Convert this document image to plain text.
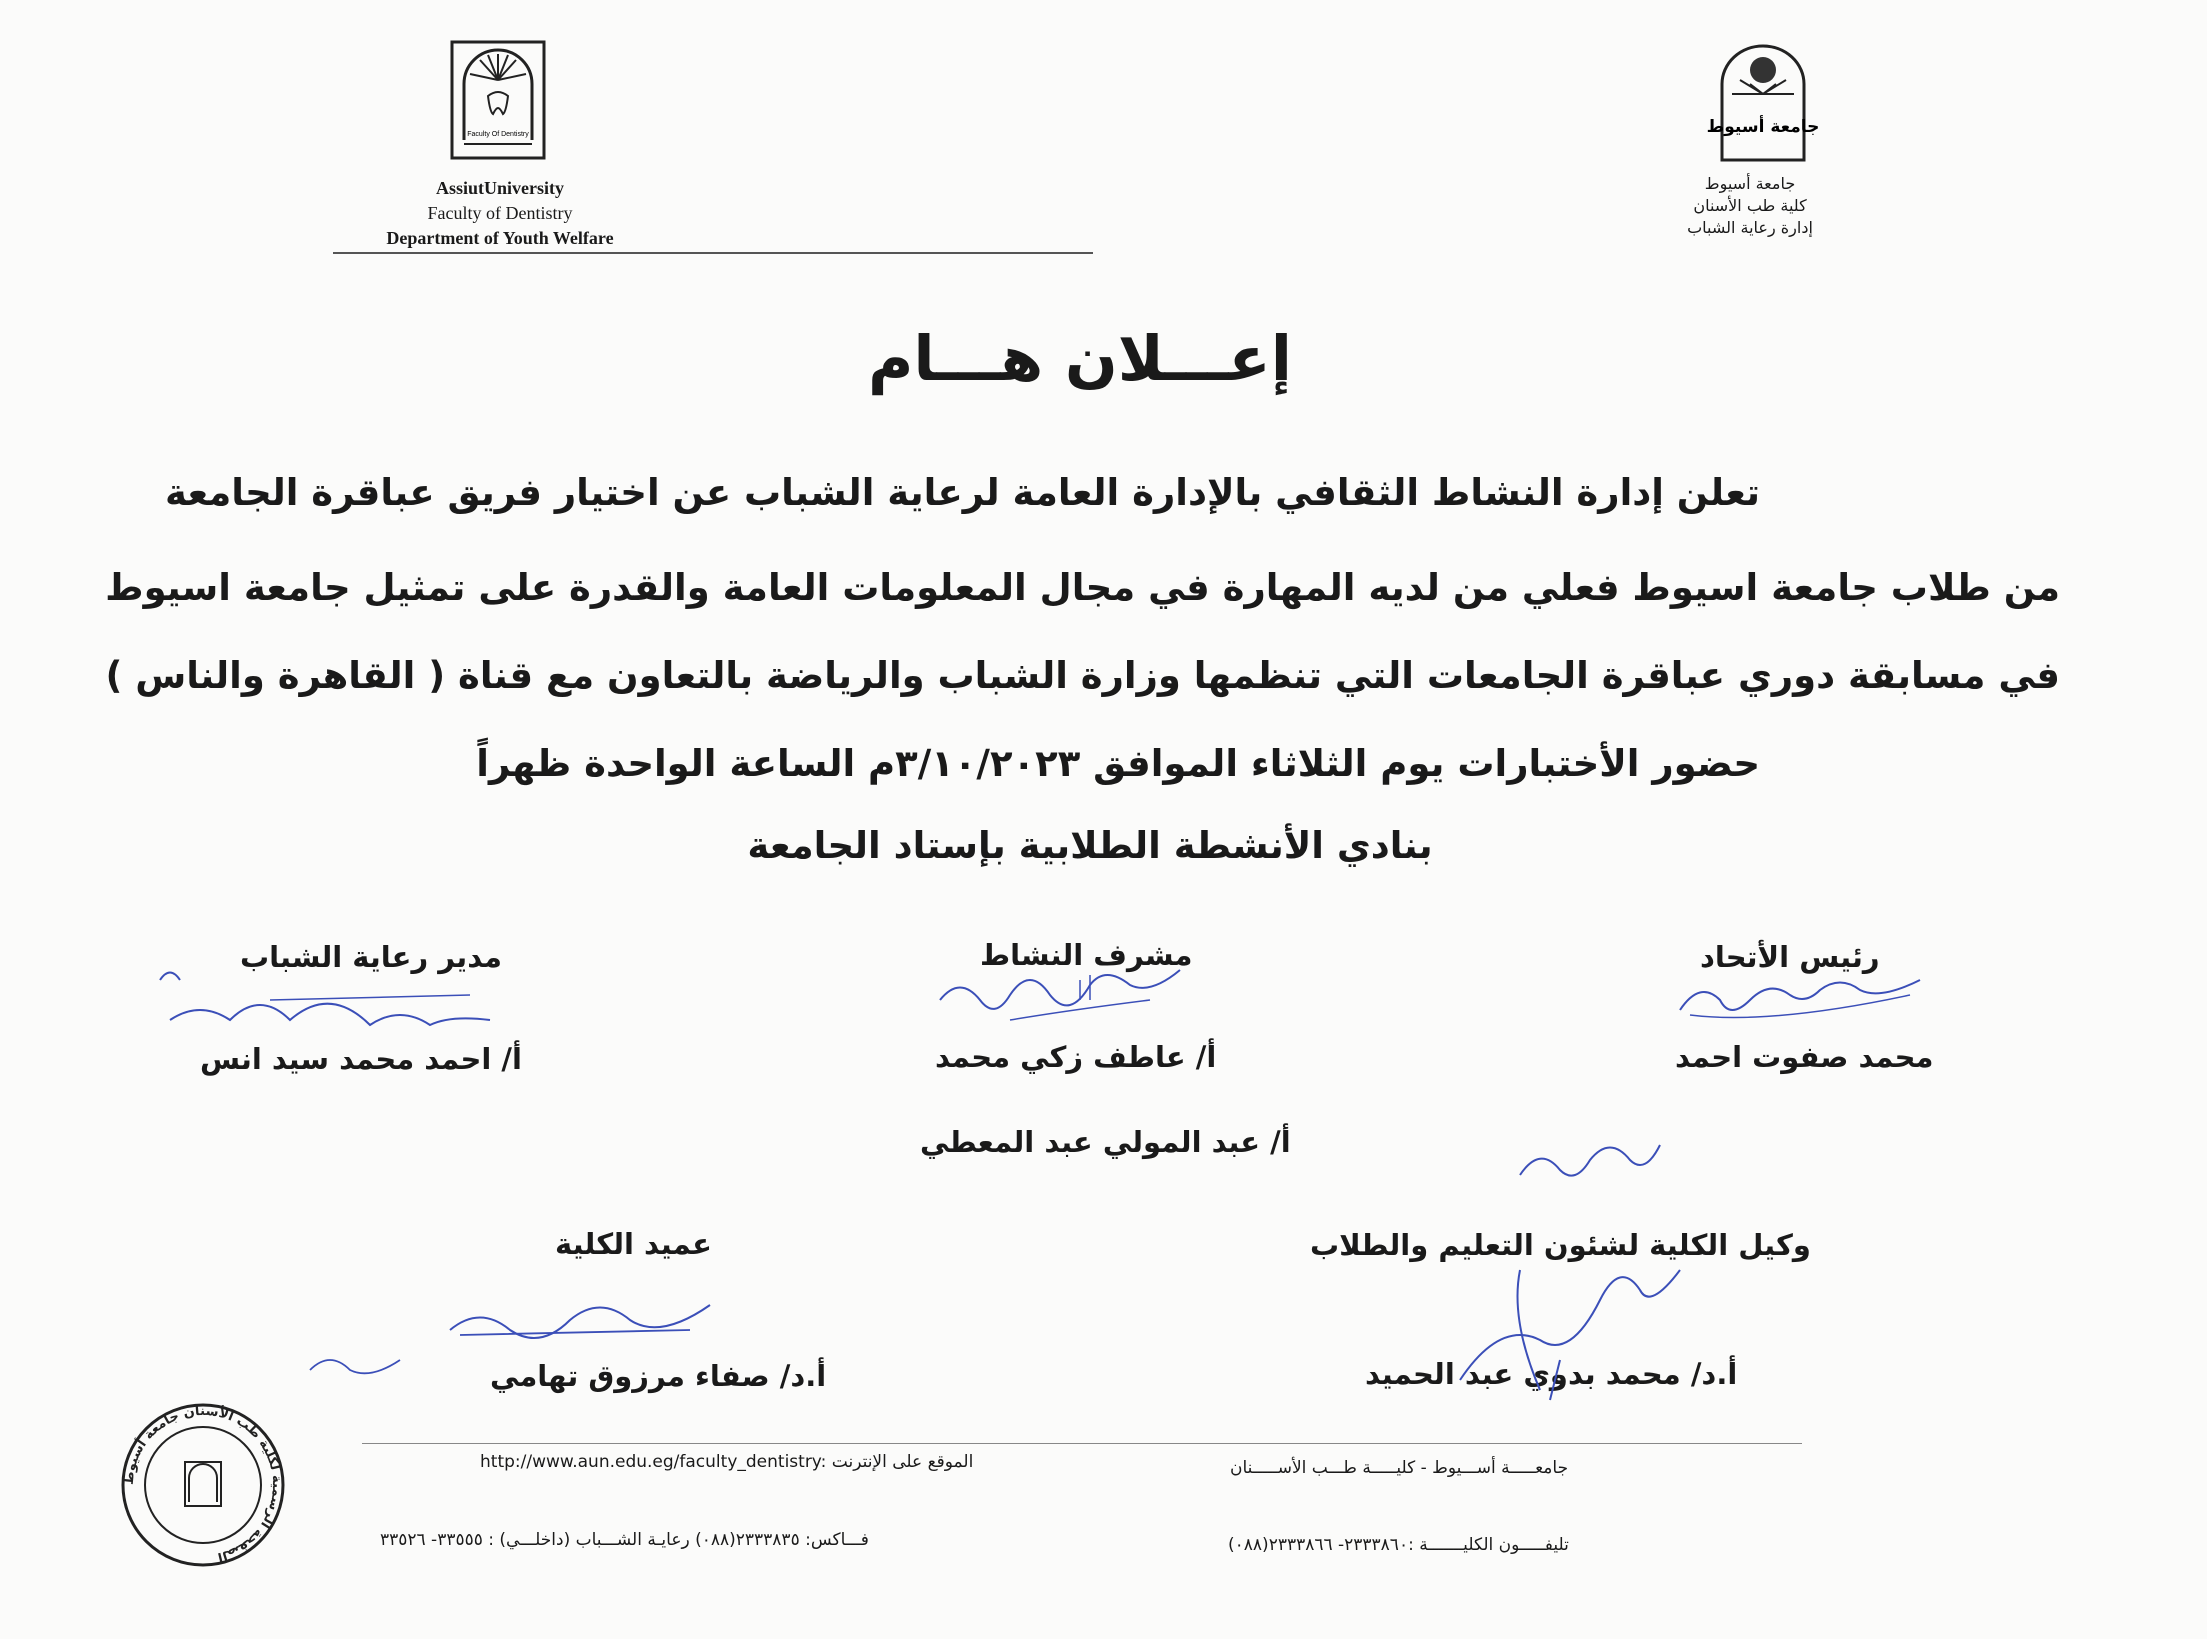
Faculty Of Dentistry
AssiutUniversity
Faculty of Dentistry
Department of Youth Welfare
جامعة أسيوط
جامعة أسيوط
كلية طب الأسنان
إدارة رعاية الشباب
إعـــلان هـــام
تعلن إدارة النشاط الثقافي بالإدارة العامة لرعاية الشباب عن اختيار فريق عباقرة الجامعة
من طلاب جامعة اسيوط فعلي من لديه المهارة في مجال المعلومات العامة والقدرة على تمثيل جامعة اسيوط
في مسابقة دوري عباقرة الجامعات التي تنظمها وزارة الشباب والرياضة بالتعاون مع قناة ( القاهرة والناس )
حضور الأختبارات يوم الثلاثاء الموافق ٣/١٠/٢٠٢٣م الساعة الواحدة ظهراً
بنادي الأنشطة الطلابية بإستاد الجامعة
رئيس الأتحاد
محمد صفوت احمد
مشرف النشاط
أ/ عاطف زكي محمد
أ/ عبد المولي عبد المعطي
مدير رعاية الشباب
أ/ احمد محمد سيد انس
وكيل الكلية لشئون التعليم والطلاب
أ.د/ محمد بدوي عبد الحميد
عميد الكلية
أ.د/ صفاء مرزوق تهامي
الصفحة الرسمية لكلية طب الأسنان جامعة أسيوط
http://www.aun.edu.eg/faculty_dentistry: الموقع على الإنترنت	جامعـــــة أســـيوط - كليـــــة طـــب الأســـــنان
فـــاكس: ٢٣٣٣٨٣٥(٠٨٨) رعايـة الشـــباب (داخلـــي) : ٣٣٥٥٥- ٣٣٥٢٦	تليفـــــون الكليـــــــة :٢٣٣٣٨٦٠- ٢٣٣٣٨٦٦(٠٨٨)
